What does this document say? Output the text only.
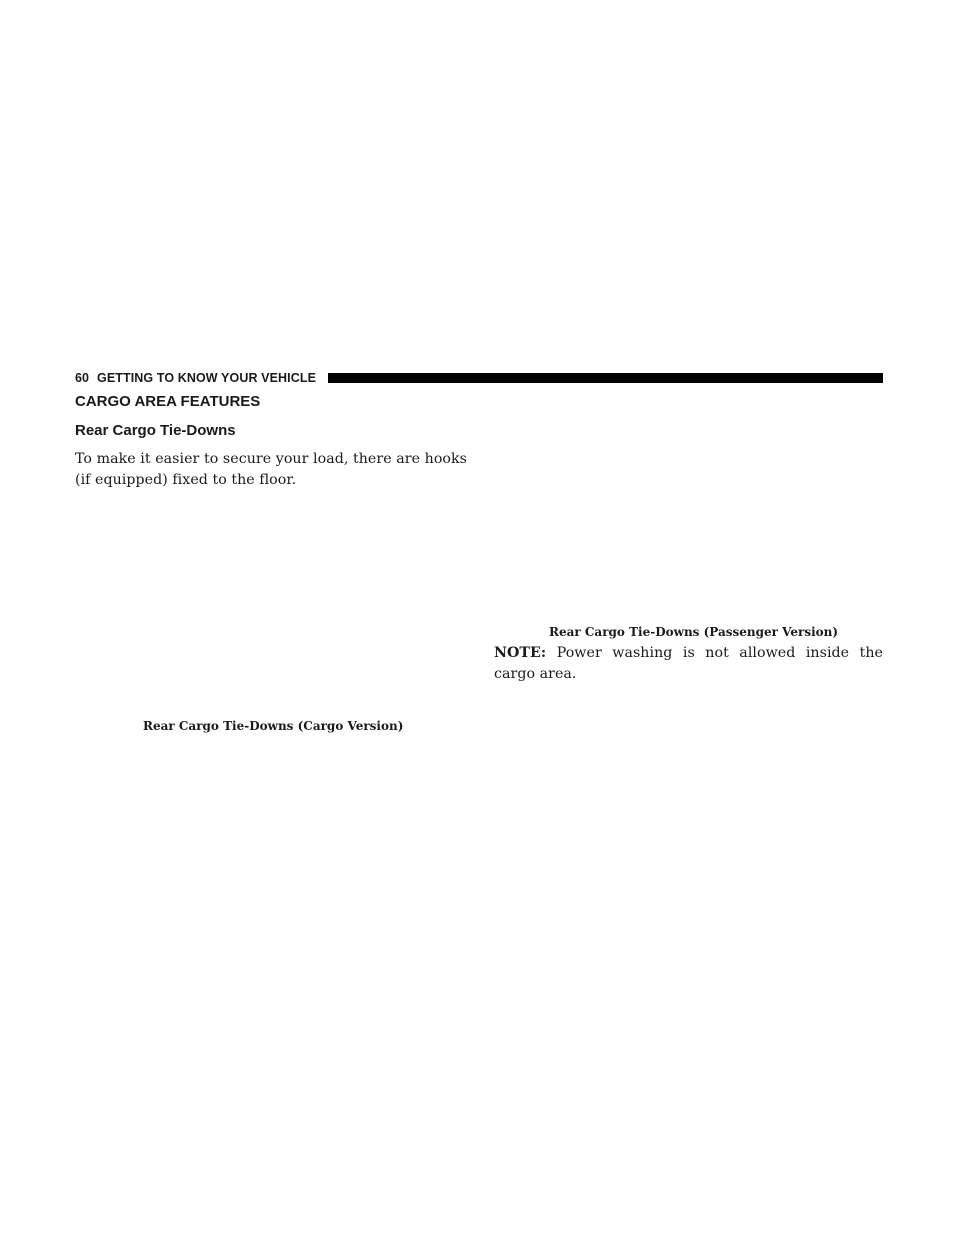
60 GETTING TO KNOW YOUR VEHICLE
CARGO AREA FEATURES
Rear Cargo Tie-Downs

To make it easier to secure your load, there are hooks (if equipped) fixed to the floor.

Rear Cargo Tie-Downs (Cargo Version)
Rear Cargo Tie-Downs (Passenger Version)

NOTE: Power washing is not allowed inside the cargo area.
